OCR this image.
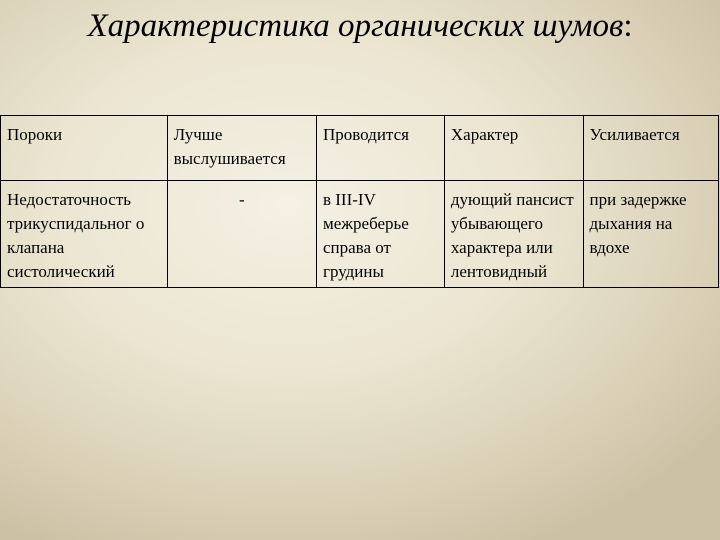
Характеристика органических шумов:
Пороки	Лучше выслушивается	Проводится	Характер	Усиливается
Недостаточность трикуспидальног о клапана систолический	-	в III-IV межреберье справа от грудины	дующий пансист убывающего характера или лентовидный	при задержке дыхания на вдохе
